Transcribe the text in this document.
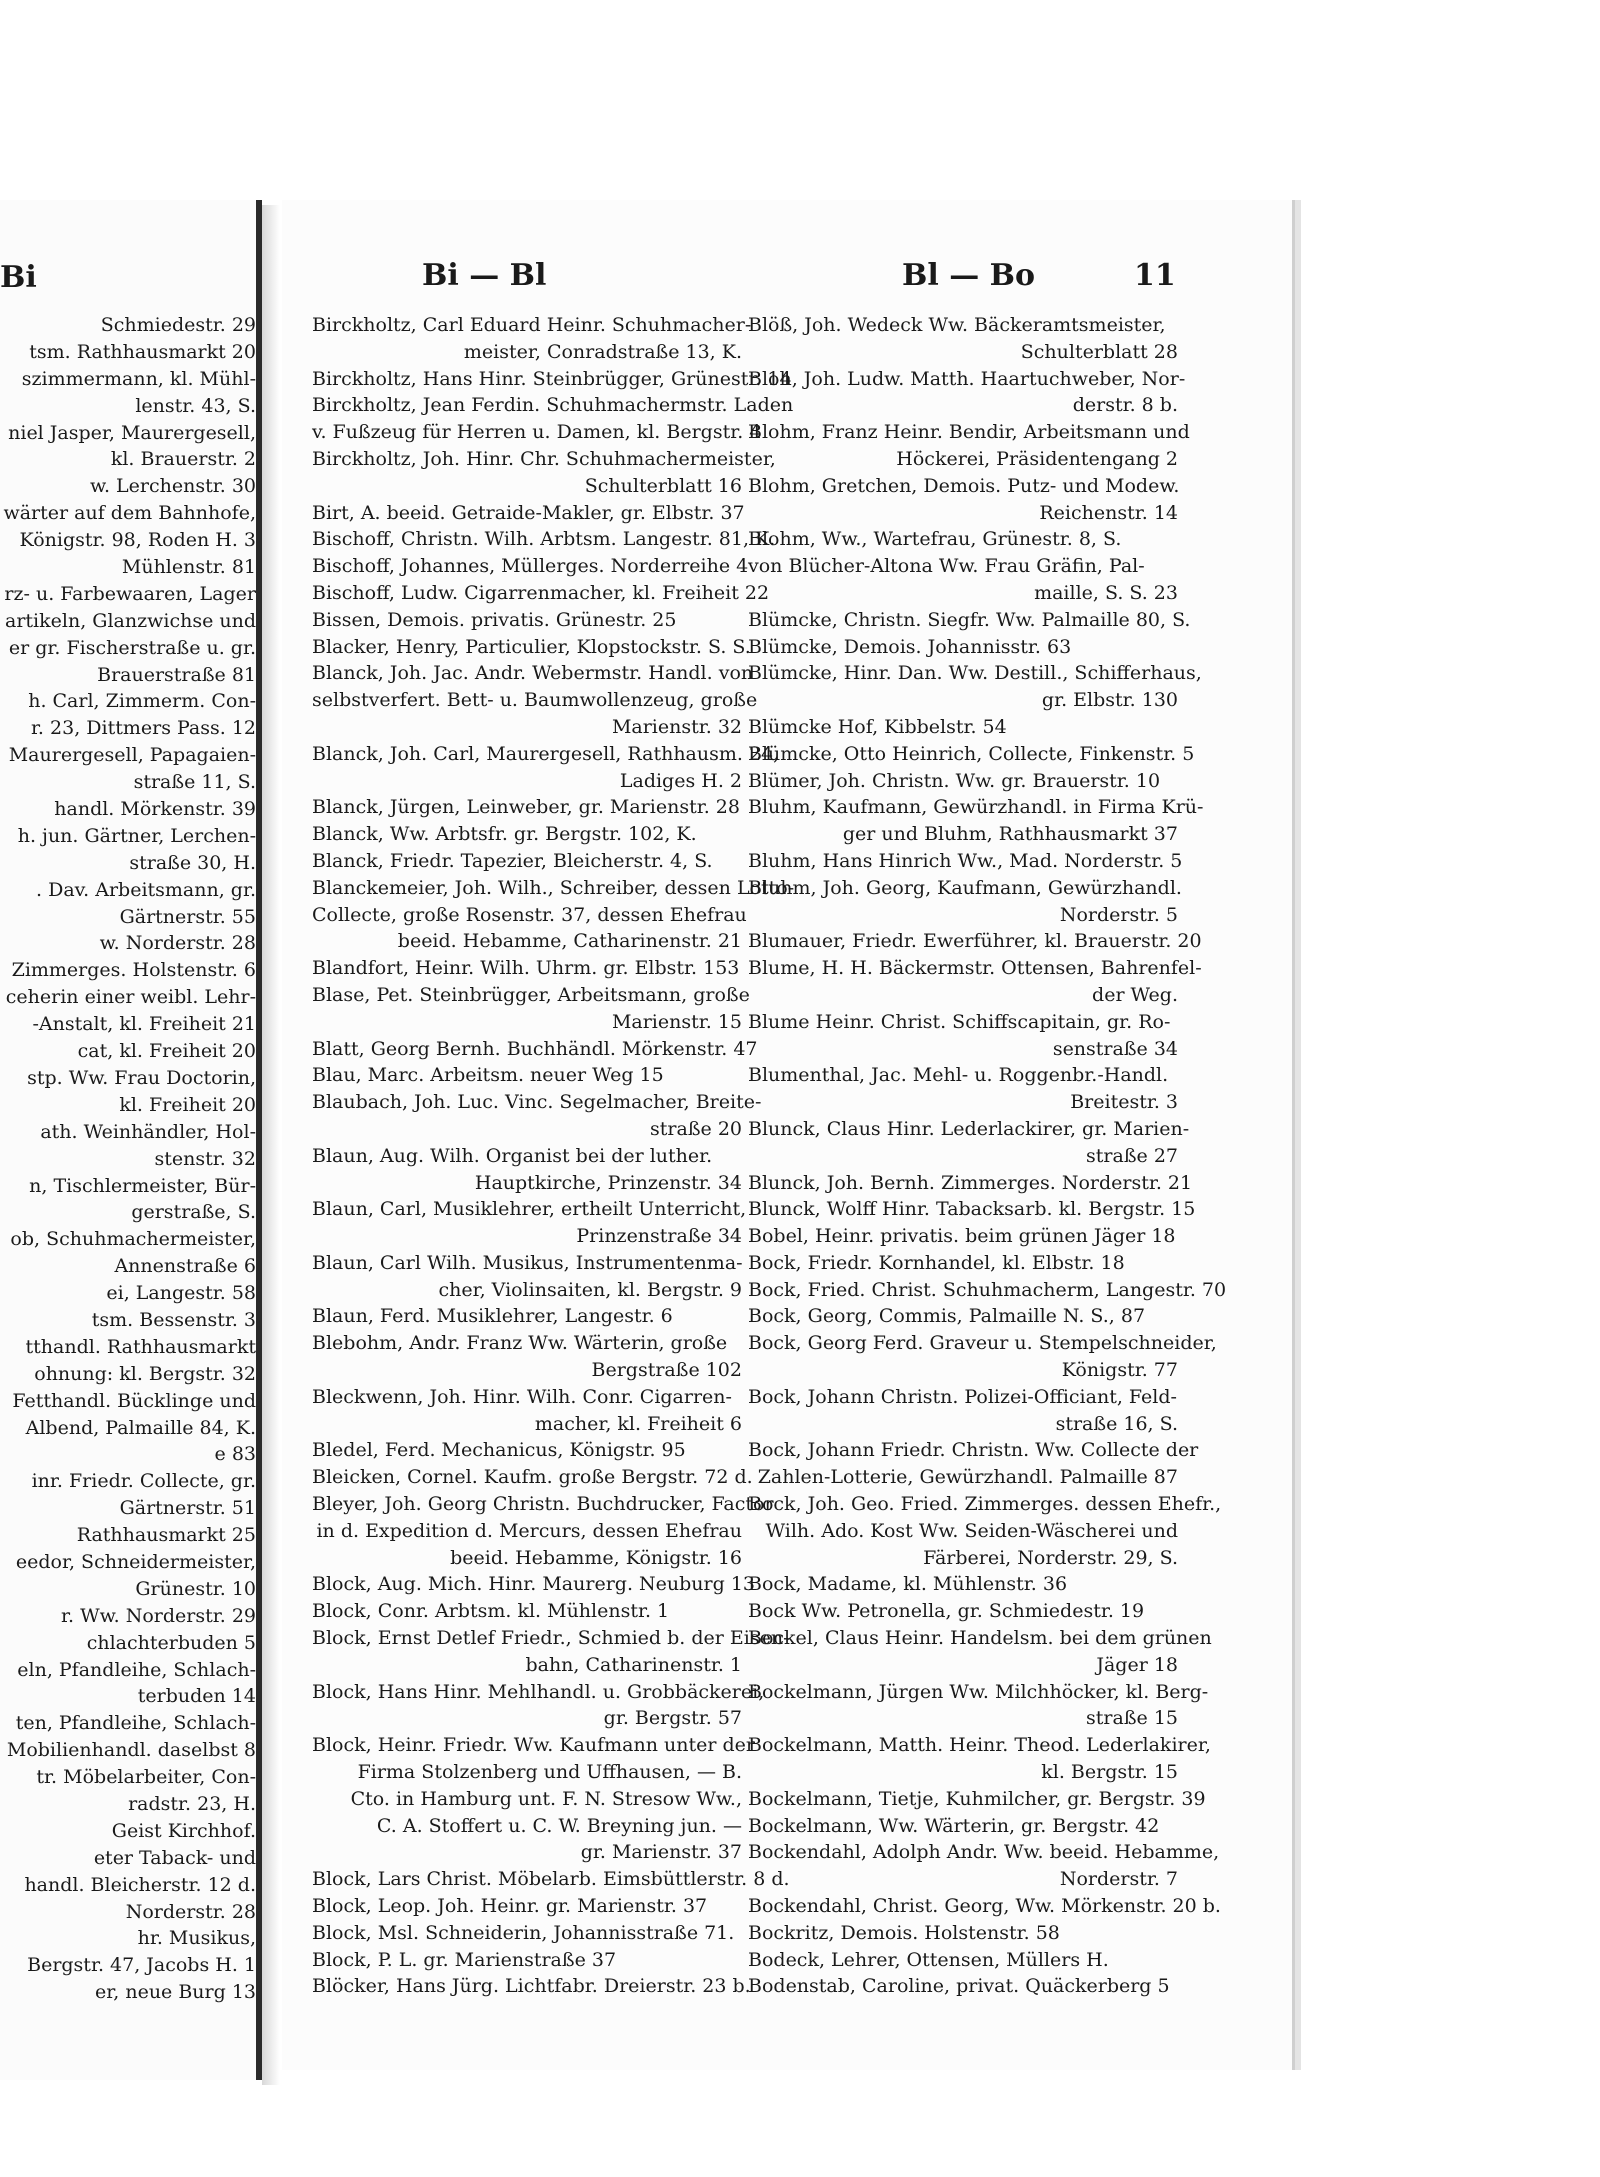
Bi
Schmiedestr. 29
tsm. Rathhausmarkt 20
szimmermann, kl. Mühl-
lenstr. 43, S.
niel Jasper, Maurergesell,
kl. Brauerstr. 2
w. Lerchenstr. 30
wärter auf dem Bahnhofe,
Königstr. 98, Roden H. 3
Mühlenstr. 81
rz- u. Farbewaaren, Lager
artikeln, Glanzwichse und
er gr. Fischerstraße u. gr.
Brauerstraße 81
h. Carl, Zimmerm. Con-
r. 23, Dittmers Pass. 12
Maurergesell, Papagaien-
straße 11, S.
handl. Mörkenstr. 39
h. jun. Gärtner, Lerchen-
straße 30, H.
. Dav. Arbeitsmann, gr.
Gärtnerstr. 55
w. Norderstr. 28
Zimmerges. Holstenstr. 6
ceherin einer weibl. Lehr-
-Anstalt, kl. Freiheit 21
cat, kl. Freiheit 20
stp. Ww. Frau Doctorin,
kl. Freiheit 20
ath. Weinhändler, Hol-
stenstr. 32
n, Tischlermeister, Bür-
gerstraße, S.
ob, Schuhmachermeister,
Annenstraße 6
ei, Langestr. 58
tsm. Bessenstr. 3
tthandl. Rathhausmarkt
ohnung: kl. Bergstr. 32
Fetthandl. Bücklinge und
Albend, Palmaille 84, K.
e 83
inr. Friedr. Collecte, gr.
Gärtnerstr. 51
Rathhausmarkt 25
eedor, Schneidermeister,
Grünestr. 10
r. Ww. Norderstr. 29
chlachterbuden 5
eln, Pfandleihe, Schlach-
terbuden 14
ten, Pfandleihe, Schlach-
Mobilienhandl. daselbst 8
tr. Möbelarbeiter, Con-
radstr. 23, H.
Geist Kirchhof.
eter Taback- und
handl. Bleicherstr. 12 d.
Norderstr. 28
hr. Musikus,
Bergstr. 47, Jacobs H. 1
er, neue Burg 13
Bi — Bl	Bl — Bo	11
Birckholtz, Carl Eduard Heinr. Schuhmacher-
meister, Conradstraße 13, K.
Birckholtz, Hans Hinr. Steinbrügger, Grünestr. 14
Birckholtz, Jean Ferdin. Schuhmachermstr. Laden
v. Fußzeug für Herren u. Damen, kl. Bergstr. 4
Birckholtz, Joh. Hinr. Chr. Schuhmachermeister,
Schulterblatt 16
Birt, A. beeid. Getraide-Makler, gr. Elbstr. 37
Bischoff, Christn. Wilh. Arbtsm. Langestr. 81, K.
Bischoff, Johannes, Müllerges. Norderreihe 4
Bischoff, Ludw. Cigarrenmacher, kl. Freiheit 22
Bissen, Demois. privatis. Grünestr. 25
Blacker, Henry, Particulier, Klopstockstr. S. S.
Blanck, Joh. Jac. Andr. Webermstr. Handl. von
selbstverfert. Bett- u. Baumwollenzeug, große
Marienstr. 32
Blanck, Joh. Carl, Maurergesell, Rathhausm. 24,
Ladiges H. 2
Blanck, Jürgen, Leinweber, gr. Marienstr. 28
Blanck, Ww. Arbtsfr. gr. Bergstr. 102, K.
Blanck, Friedr. Tapezier, Bleicherstr. 4, S.
Blanckemeier, Joh. Wilh., Schreiber, dessen Lotto-
Collecte, große Rosenstr. 37, dessen Ehefrau
beeid. Hebamme, Catharinenstr. 21
Blandfort, Heinr. Wilh. Uhrm. gr. Elbstr. 153
Blase, Pet. Steinbrügger, Arbeitsmann, große
Marienstr. 15
Blatt, Georg Bernh. Buchhändl. Mörkenstr. 47
Blau, Marc. Arbeitsm. neuer Weg 15
Blaubach, Joh. Luc. Vinc. Segelmacher, Breite-
straße 20
Blaun, Aug. Wilh. Organist bei der luther.
Hauptkirche, Prinzenstr. 34
Blaun, Carl, Musiklehrer, ertheilt Unterricht,
Prinzenstraße 34
Blaun, Carl Wilh. Musikus, Instrumentenma-
cher, Violinsaiten, kl. Bergstr. 9
Blaun, Ferd. Musiklehrer, Langestr. 6
Blebohm, Andr. Franz Ww. Wärterin, große
Bergstraße 102
Bleckwenn, Joh. Hinr. Wilh. Conr. Cigarren-
macher, kl. Freiheit 6
Bledel, Ferd. Mechanicus, Königstr. 95
Bleicken, Cornel. Kaufm. große Bergstr. 72 d.
Bleyer, Joh. Georg Christn. Buchdrucker, Factor
in d. Expedition d. Mercurs, dessen Ehefrau
beeid. Hebamme, Königstr. 16
Block, Aug. Mich. Hinr. Maurerg. Neuburg 13
Block, Conr. Arbtsm. kl. Mühlenstr. 1
Block, Ernst Detlef Friedr., Schmied b. der Eisen-
bahn, Catharinenstr. 1
Block, Hans Hinr. Mehlhandl. u. Grobbäckerei,
gr. Bergstr. 57
Block, Heinr. Friedr. Ww. Kaufmann unter der
Firma Stolzenberg und Uffhausen, — B.
Cto. in Hamburg unt. F. N. Stresow Ww.,
C. A. Stoffert u. C. W. Breyning jun. —
gr. Marienstr. 37
Block, Lars Christ. Möbelarb. Eimsbüttlerstr. 8 d.
Block, Leop. Joh. Heinr. gr. Marienstr. 37
Block, Msl. Schneiderin, Johannisstraße 71.
Block, P. L. gr. Marienstraße 37
Blöcker, Hans Jürg. Lichtfabr. Dreierstr. 23 b.
Blöß, Joh. Wedeck Ww. Bäckeramtsmeister,
Schulterblatt 28
Bloh, Joh. Ludw. Matth. Haartuchweber, Nor-
derstr. 8 b.
Blohm, Franz Heinr. Bendir, Arbeitsmann und
Höckerei, Präsidentengang 2
Blohm, Gretchen, Demois. Putz- und Modew.
Reichenstr. 14
Blohm, Ww., Wartefrau, Grünestr. 8, S.
von Blücher-Altona Ww. Frau Gräfin, Pal-
maille, S. S. 23
Blümcke, Christn. Siegfr. Ww. Palmaille 80, S.
Blümcke, Demois. Johannisstr. 63
Blümcke, Hinr. Dan. Ww. Destill., Schifferhaus,
gr. Elbstr. 130
Blümcke Hof, Kibbelstr. 54
Blümcke, Otto Heinrich, Collecte, Finkenstr. 5
Blümer, Joh. Christn. Ww. gr. Brauerstr. 10
Bluhm, Kaufmann, Gewürzhandl. in Firma Krü-
ger und Bluhm, Rathhausmarkt 37
Bluhm, Hans Hinrich Ww., Mad. Norderstr. 5
Bluhm, Joh. Georg, Kaufmann, Gewürzhandl.
Norderstr. 5
Blumauer, Friedr. Ewerführer, kl. Brauerstr. 20
Blume, H. H. Bäckermstr. Ottensen, Bahrenfel-
der Weg.
Blume Heinr. Christ. Schiffscapitain, gr. Ro-
senstraße 34
Blumenthal, Jac. Mehl- u. Roggenbr.-Handl.
Breitestr. 3
Blunck, Claus Hinr. Lederlackirer, gr. Marien-
straße 27
Blunck, Joh. Bernh. Zimmerges. Norderstr. 21
Blunck, Wolff Hinr. Tabacksarb. kl. Bergstr. 15
Bobel, Heinr. privatis. beim grünen Jäger 18
Bock, Friedr. Kornhandel, kl. Elbstr. 18
Bock, Fried. Christ. Schuhmacherm, Langestr. 70
Bock, Georg, Commis, Palmaille N. S., 87
Bock, Georg Ferd. Graveur u. Stempelschneider,
Königstr. 77
Bock, Johann Christn. Polizei-Officiant, Feld-
straße 16, S.
Bock, Johann Friedr. Christn. Ww. Collecte der
Zahlen-Lotterie, Gewürzhandl. Palmaille 87
Bock, Joh. Geo. Fried. Zimmerges. dessen Ehefr.,
Wilh. Ado. Kost Ww. Seiden-Wäscherei und
Färberei, Norderstr. 29, S.
Bock, Madame, kl. Mühlenstr. 36
Bock Ww. Petronella, gr. Schmiedestr. 19
Bockel, Claus Heinr. Handelsm. bei dem grünen
Jäger 18
Bockelmann, Jürgen Ww. Milchhöcker, kl. Berg-
straße 15
Bockelmann, Matth. Heinr. Theod. Lederlakirer,
kl. Bergstr. 15
Bockelmann, Tietje, Kuhmilcher, gr. Bergstr. 39
Bockelmann, Ww. Wärterin, gr. Bergstr. 42
Bockendahl, Adolph Andr. Ww. beeid. Hebamme,
Norderstr. 7
Bockendahl, Christ. Georg, Ww. Mörkenstr. 20 b.
Bockritz, Demois. Holstenstr. 58
Bodeck, Lehrer, Ottensen, Müllers H.
Bodenstab, Caroline, privat. Quäckerberg 5
